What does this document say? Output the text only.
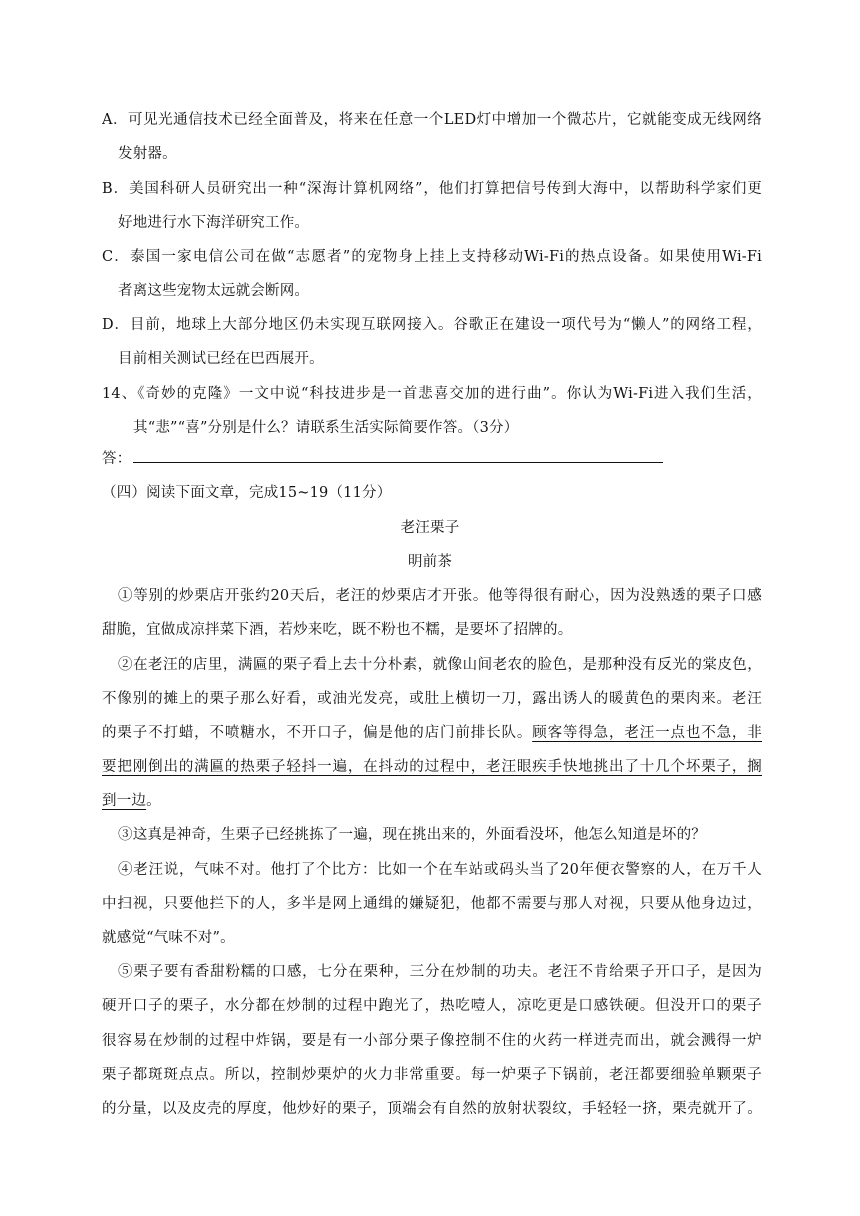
A．可见光通信技术已经全面普及，将来在任意一个LED灯中增加一个微芯片，它就能变成无线网络
发射器。
B．美国科研人员研究出一种“深海计算机网络”，他们打算把信号传到大海中，以帮助科学家们更
好地进行水下海洋研究工作。
C．泰国一家电信公司在做“志愿者”的宠物身上挂上支持移动Wi-Fi的热点设备。如果使用Wi-Fi
者离这些宠物太远就会断网。
D．目前，地球上大部分地区仍未实现互联网接入。谷歌正在建设一项代号为“懒人”的网络工程，
目前相关测试已经在巴西展开。
14、《奇妙的克隆》一文中说“科技进步是一首悲喜交加的进行曲”。你认为Wi-Fi进入我们生活，
其“悲”“喜”分别是什么？请联系生活实际简要作答。（3分）
答：
（四）阅读下面文章，完成15~19（11分）
老汪栗子
明前茶
①等别的炒栗店开张约20天后，老汪的炒栗店才开张。他等得很有耐心，因为没熟透的栗子口感
甜脆，宜做成凉拌菜下酒，若炒来吃，既不粉也不糯，是要坏了招牌的。
②在老汪的店里，满匾的栗子看上去十分朴素，就像山间老农的脸色，是那种没有反光的棠皮色，
不像别的摊上的栗子那么好看，或油光发亮，或肚上横切一刀，露出诱人的暖黄色的栗肉来。老汪
的栗子不打蜡，不喷糖水，不开口子，偏是他的店门前排长队。顾客等得急，老汪一点也不急，非
要把刚倒出的满匾的热栗子轻抖一遍，在抖动的过程中，老汪眼疾手快地挑出了十几个坏栗子，搁
到一边。
③这真是神奇，生栗子已经挑拣了一遍，现在挑出来的，外面看没坏，他怎么知道是坏的？
④老汪说，气味不对。他打了个比方：比如一个在车站或码头当了20年便衣警察的人，在万千人
中扫视，只要他拦下的人，多半是网上通缉的嫌疑犯，他都不需要与那人对视，只要从他身边过，
就感觉“气味不对”。
⑤栗子要有香甜粉糯的口感，七分在栗种，三分在炒制的功夫。老汪不肯给栗子开口子，是因为
硬开口子的栗子，水分都在炒制的过程中跑光了，热吃噎人，凉吃更是口感铁硬。但没开口的栗子
很容易在炒制的过程中炸锅，要是有一小部分栗子像控制不住的火药一样迸壳而出，就会溅得一炉
栗子都斑斑点点。所以，控制炒栗炉的火力非常重要。每一炉栗子下锅前，老汪都要细验单颗栗子
的分量，以及皮壳的厚度，他炒好的栗子，顶端会有自然的放射状裂纹，手轻轻一挤，栗壳就开了。
